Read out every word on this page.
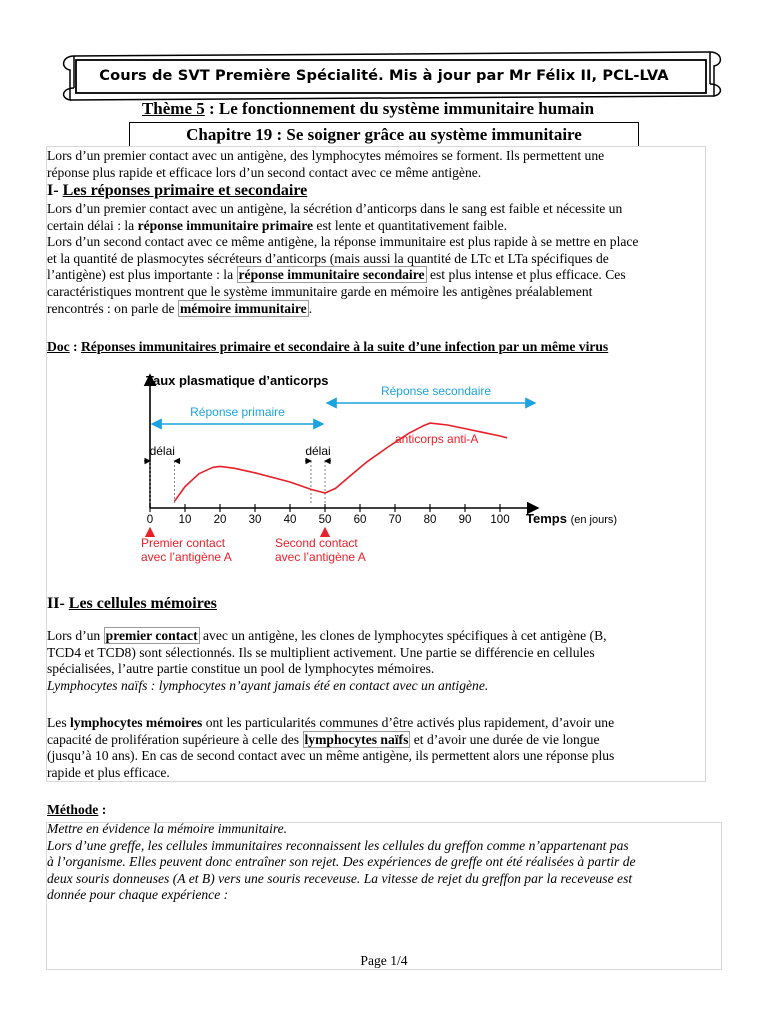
Cours de SVT Première Spécialité. Mis à jour par Mr Félix II, PCL-LVA
Thème 5 : Le fonctionnement du système immunitaire humain
Chapitre 19 : Se soigner grâce au système immunitaire
Lors d’un premier contact avec un antigène, des lymphocytes mémoires se forment. Ils permettent une
réponse plus rapide et efficace lors d’un second contact avec ce même antigène.
I- Les réponses primaire et secondaire
Lors d’un premier contact avec un antigène, la sécrétion d’anticorps dans le sang est faible et nécessite un
certain délai : la réponse immunitaire primaire est lente et quantitativement faible.
Lors d’un second contact avec ce même antigène, la réponse immunitaire est plus rapide à se mettre en place
et la quantité de plasmocytes sécréteurs d’anticorps (mais aussi la quantité de LTc et LTa spécifiques de
l’antigène) est plus importante : la réponse immunitaire secondaire est plus intense et plus efficace. Ces
caractéristiques montrent que le système immunitaire garde en mémoire les antigènes préalablement
rencontrés : on parle de mémoire immunitaire .
Doc : Réponses immunitaires primaire et secondaire à la suite d’une infection par un même virus
Taux plasmatique d’anticorps
Temps (en jours)
0 10 20 30 40 50 60 70 80 90 100
Réponse primaire
Réponse secondaire
délai	délai
anticorps anti-A
Premier contact
avec l’antigène A
Second contact
avec l’antigène A
II- Les cellules mémoires
Lors d’un premier contact avec un antigène, les clones de lymphocytes spécifiques à cet antigène (B,
TCD4 et TCD8) sont sélectionnés. Ils se multiplient activement. Une partie se différencie en cellules
spécialisées, l’autre partie constitue un pool de lymphocytes mémoires.
Lymphocytes naïfs : lymphocytes n’ayant jamais été en contact avec un antigène.
Les lymphocytes mémoires ont les particularités communes d’être activés plus rapidement, d’avoir une
capacité de prolifération supérieure à celle des lymphocytes naïfs et d’avoir une durée de vie longue
(jusqu’à 10 ans). En cas de second contact avec un même antigène, ils permettent alors une réponse plus
rapide et plus efficace.
Méthode :
Mettre en évidence la mémoire immunitaire.
Lors d’une greffe, les cellules immunitaires reconnaissent les cellules du greffon comme n’appartenant pas
à l’organisme. Elles peuvent donc entraîner son rejet. Des expériences de greffe ont été réalisées à partir de
deux souris donneuses (A et B) vers une souris receveuse. La vitesse de rejet du greffon par la receveuse est
donnée pour chaque expérience :
Page 1/4
